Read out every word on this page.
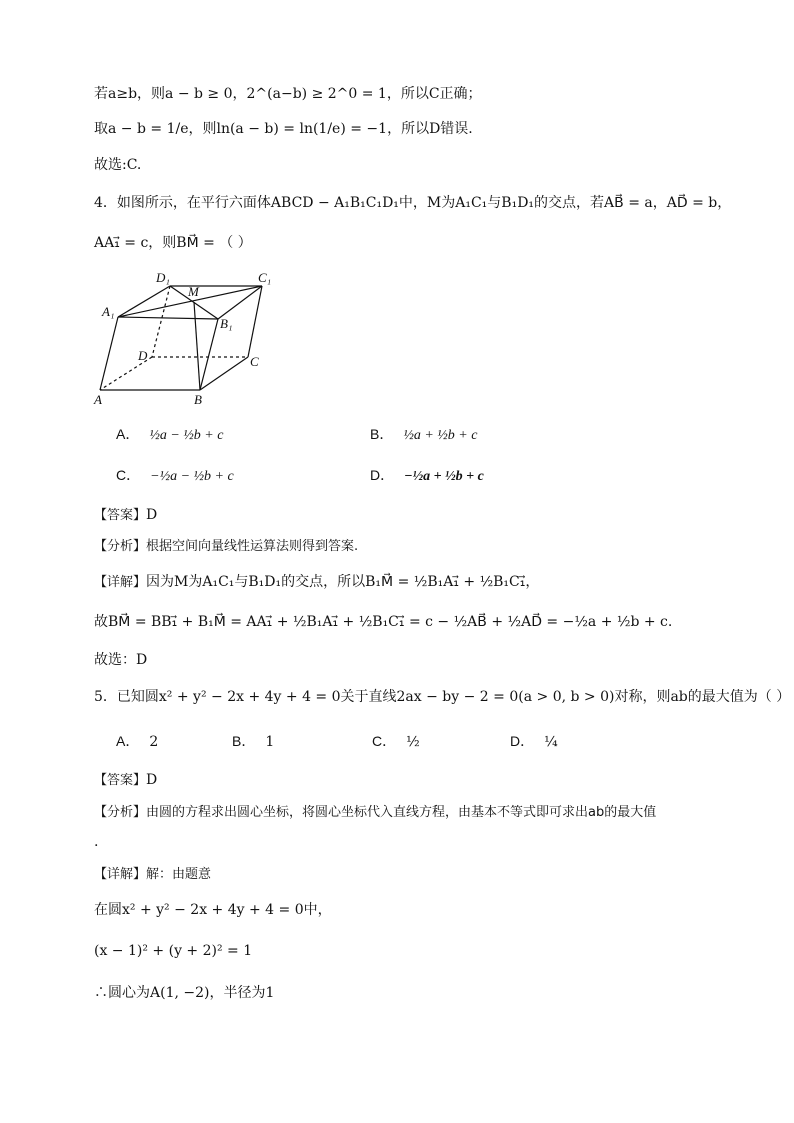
若a≥b，则a − b ≥ 0，2^(a−b) ≥ 2^0 = 1，所以C正确；
取a − b = 1/e，则ln(a − b) = ln(1/e) = −1，所以D错误.
故选:C.
4．如图所示，在平行六面体ABCD − A₁B₁C₁D₁中，M为A₁C₁与B₁D₁的交点，若AB⃗ = a，AD⃗ = b，
AA₁⃗ = c，则BM⃗ = （ ）
D₁
M
C₁
A₁
B₁
D	C
A	B
A． ½a − ½b + c	B． ½a + ½b + c
C． −½a − ½b + c	D． −½a + ½b + c
【答案】D
【分析】根据空间向量线性运算法则得到答案.
【详解】因为M为A₁C₁与B₁D₁的交点，所以B₁M⃗ = ½B₁A₁⃗ + ½B₁C₁⃗，
故BM⃗ = BB₁⃗ + B₁M⃗ = AA₁⃗ + ½B₁A₁⃗ + ½B₁C₁⃗ = c − ½AB⃗ + ½AD⃗ = −½a + ½b + c.
故选：D
5．已知圆x² + y² − 2x + 4y + 4 = 0关于直线2ax − by − 2 = 0(a > 0, b > 0)对称，则ab的最大值为（ ）
A． 2	B． 1	C． ½	D． ¼
【答案】D
【分析】由圆的方程求出圆心坐标，将圆心坐标代入直线方程，由基本不等式即可求出ab的最大值
.
【详解】解：由题意
在圆x² + y² − 2x + 4y + 4 = 0中，
(x − 1)² + (y + 2)² = 1
∴圆心为A(1, −2)，半径为1
